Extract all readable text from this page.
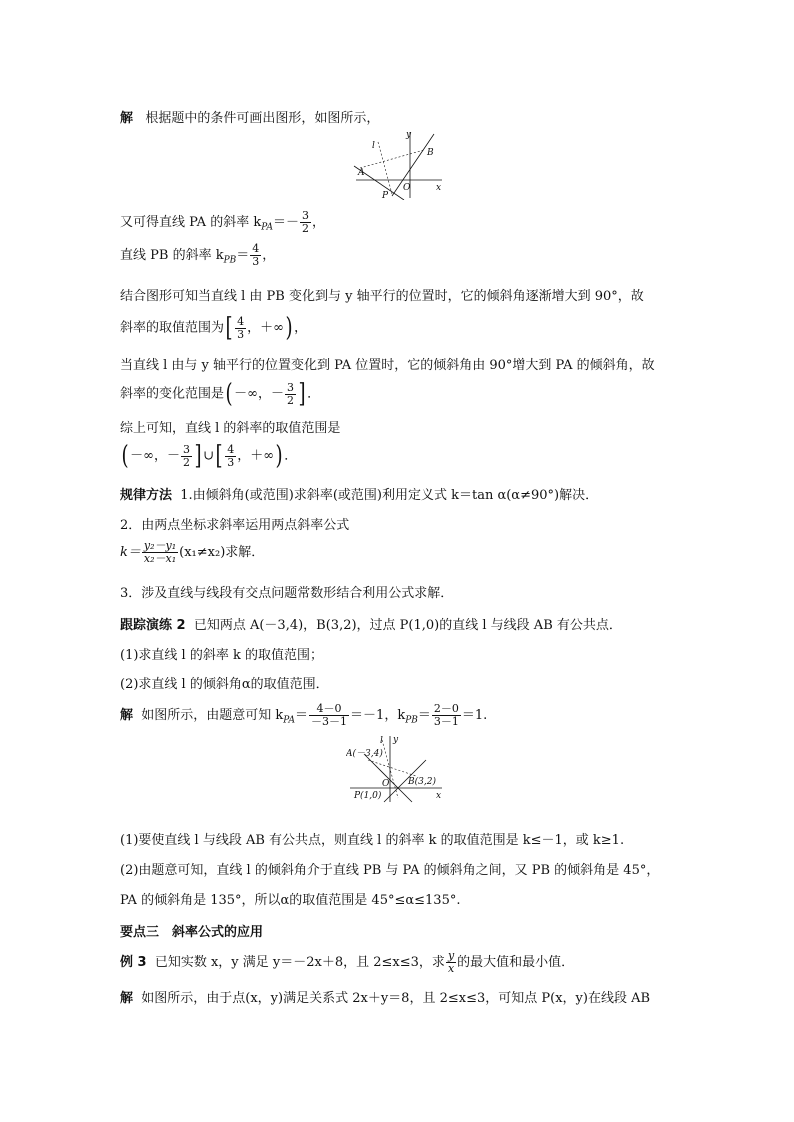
解 根据题中的条件可画出图形，如图所示，
l
y
B
A
O	x
P
又可得直线 PA 的斜率 $k_{PA}=- \frac{3}{2}$ ，
直线 PB 的斜率 $k_{PB}= \frac{4}{3}$ ，
结合图形可知当直线 l 由 PB 变化到与 y 轴平行的位置时，它的倾斜角逐渐增大到 90°，故
斜率的取值范围为[ $\frac{4}{3}$ ，＋∞) ，
当直线 l 由与 y 轴平行的位置变化到 PA 位置时，它的倾斜角由 90°增大到 PA 的倾斜角，故
斜率的变化范围是( －∞，－ $\frac{3}{2}$ ] ．
综上可知，直线 l 的斜率的取值范围是
( －∞，－ $\frac{3}{2}$ ] ∪[ $\frac{4}{3}$ ，＋∞) ．
规律方法 1.由倾斜角(或范围)求斜率(或范围)利用定义式 k＝tan α(α≠90°)解决．
2．由两点坐标求斜率运用两点斜率公式
$k= \frac{\text{y₂－y₁}}{\text{x₂－x₁}} (x_1\ne x_2)$求解．
3．涉及直线与线段有交点问题常数形结合利用公式求解．
跟踪演练 2 已知两点 A(－3,4)，B(3,2)，过点 P(1,0)的直线 l 与线段 AB 有公共点．
(1)求直线 l 的斜率 k 的取值范围；
(2)求直线 l 的倾斜角α的取值范围．
解 如图所示，由题意可知 $k_{PA}= \frac{4-0}{-3-1} =-1$，$k_{PB}= \frac{2-0}{3-1} =1$.
l y
A(－3,4)
B(3,2)
O
P(1,0)	x
(1)要使直线 l 与线段 AB 有公共点，则直线 l 的斜率 k 的取值范围是 k≤－1，或 k≥1.
(2)由题意可知，直线 l 的倾斜角介于直线 PB 与 PA 的倾斜角之间，又 PB 的倾斜角是 45°，
PA 的倾斜角是 135°，所以α的取值范围是 45°≤α≤135°.
要点三　斜率公式的应用
例 3 已知实数 x，y 满足 y＝－2x＋8，且 2≤x≤3，求 $\frac{y}{x}$ 的最大值和最小值．
解 如图所示，由于点(x，y)满足关系式 2x＋y＝8，且 2≤x≤3，可知点 P(x，y)在线段 AB
